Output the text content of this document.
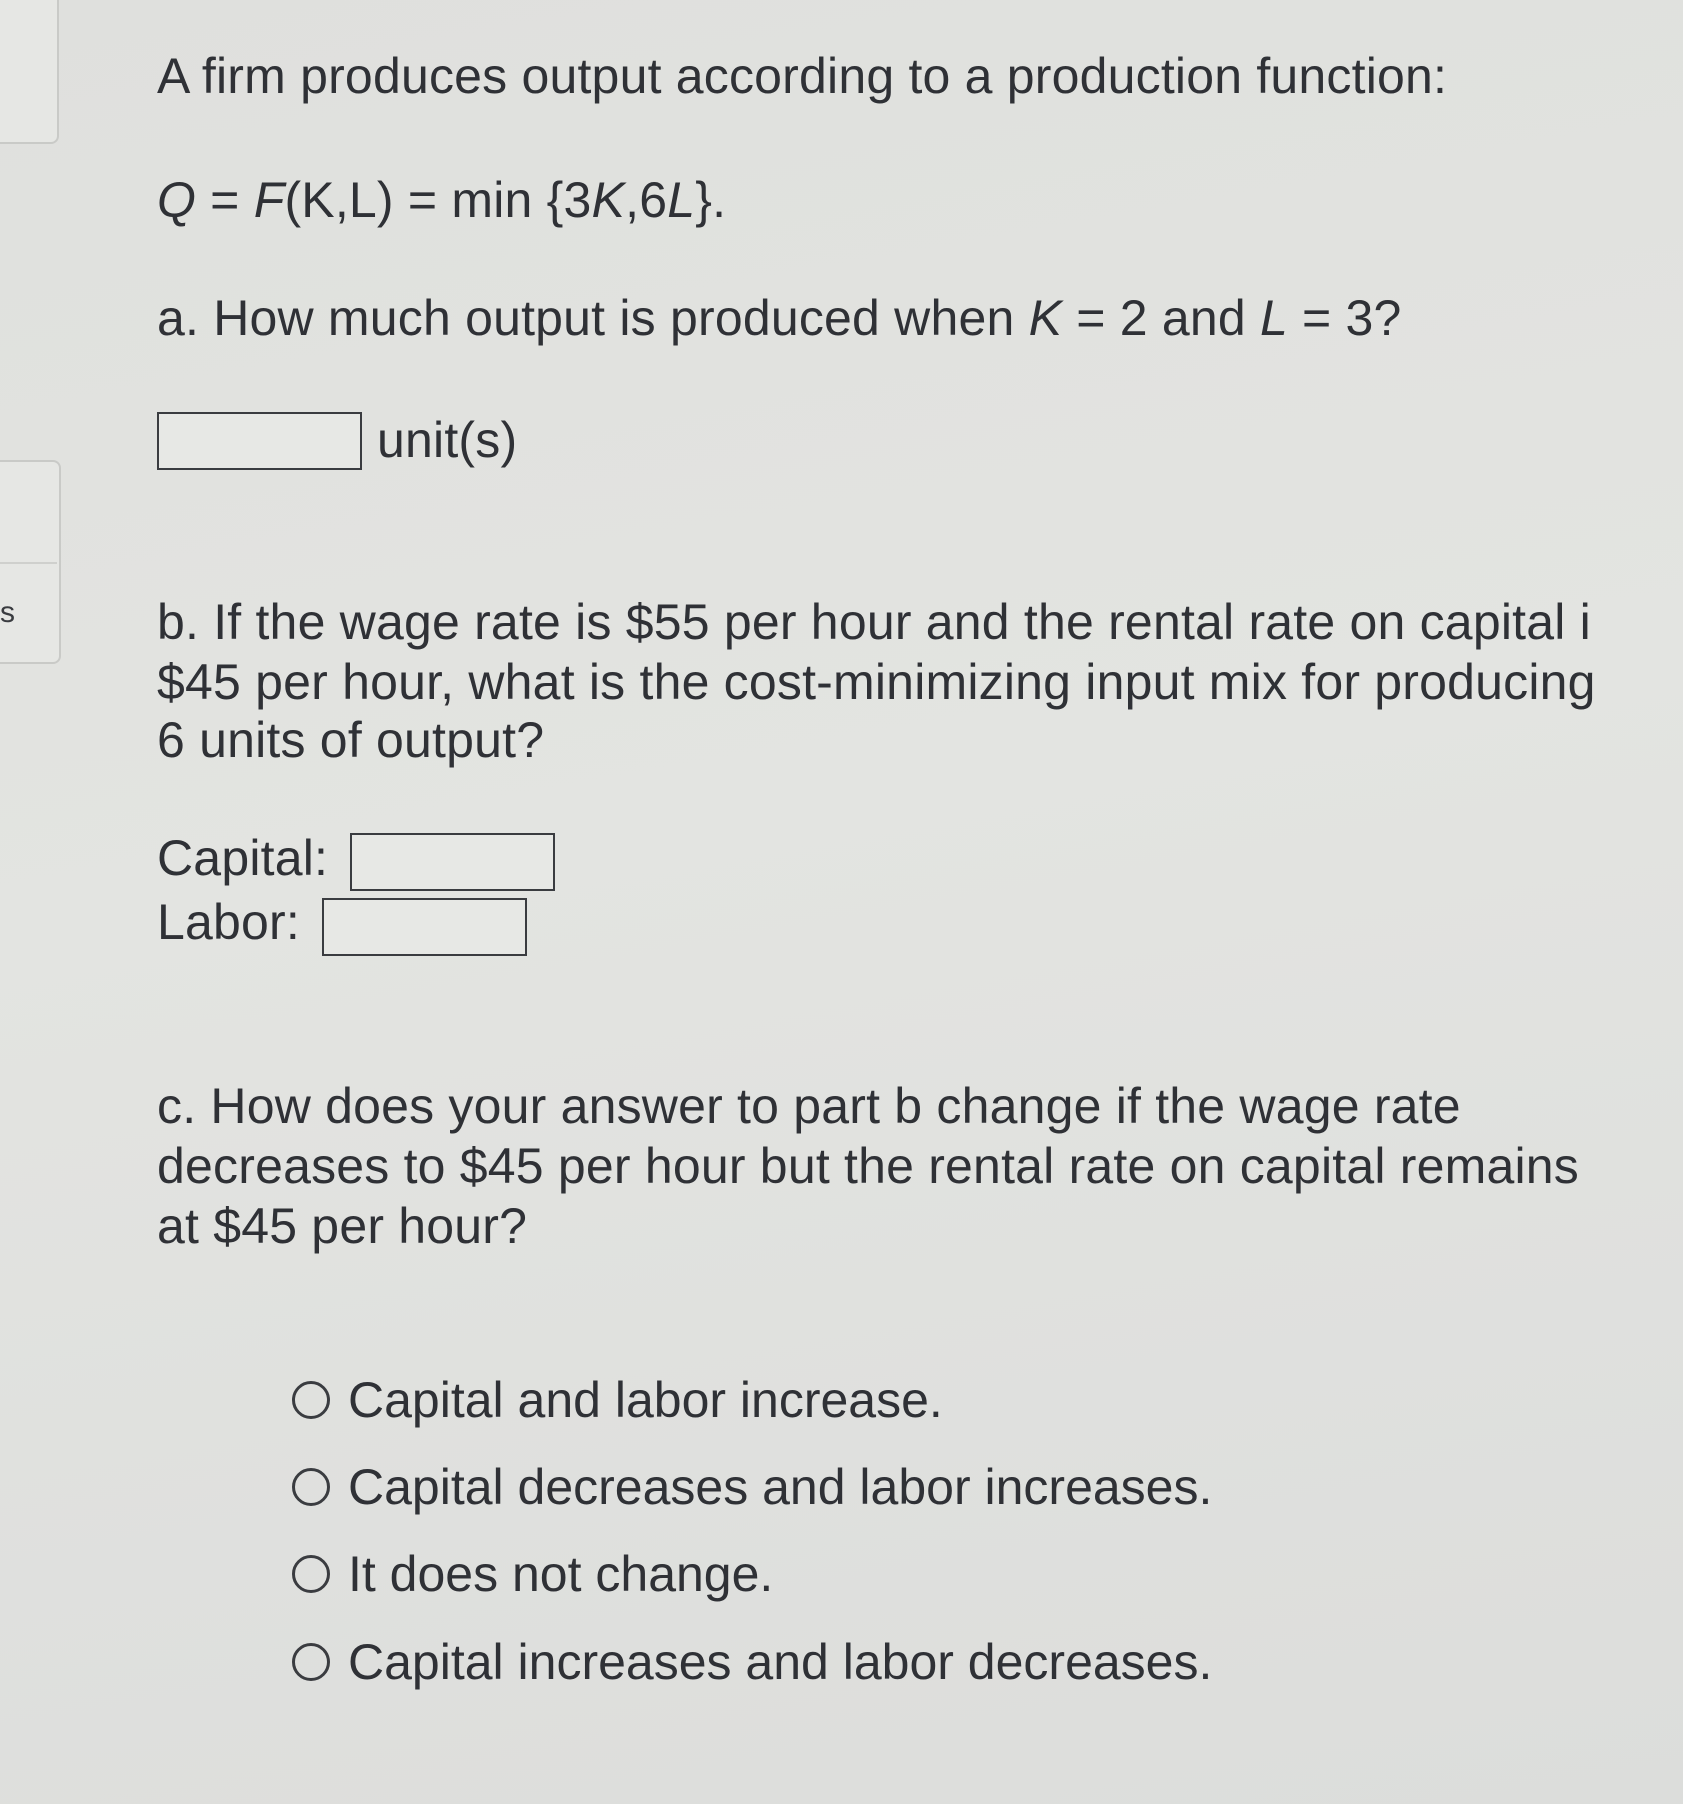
s
A firm produces output according to a production function:
Q = F(K,L) = min {3K,6L}.
a. How much output is produced when K = 2 and L = 3?
unit(s)
b. If the wage rate is $55 per hour and the rental rate on capital i
$45 per hour, what is the cost-minimizing input mix for producing
6 units of output?
Capital:
Labor:
c. How does your answer to part b change if the wage rate
decreases to $45 per hour but the rental rate on capital remains
at $45 per hour?
Capital and labor increase.
Capital decreases and labor increases.
It does not change.
Capital increases and labor decreases.
